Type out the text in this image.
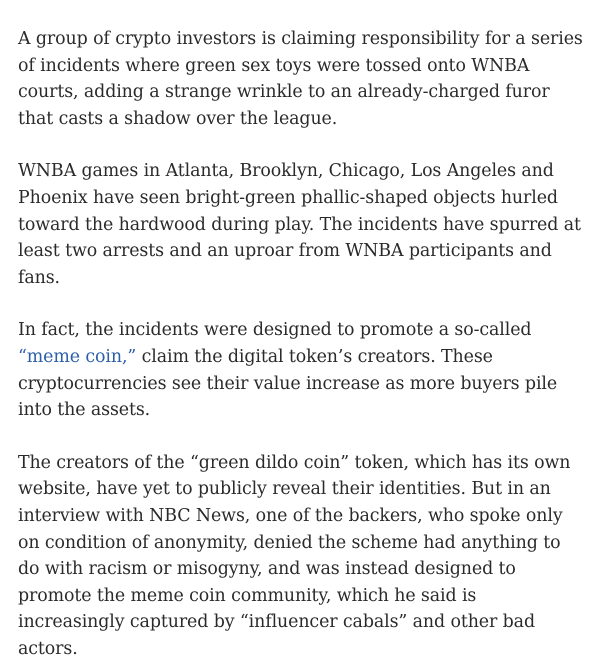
A group of crypto investors is claiming responsibility for a series of incidents where green sex toys were tossed onto WNBA courts, adding a strange wrinkle to an already-charged furor that casts a shadow over the league.

WNBA games in Atlanta, Brooklyn, Chicago, Los Angeles and Phoenix have seen bright-green phallic-shaped objects hurled toward the hardwood during play. The incidents have spurred at least two arrests and an uproar from WNBA participants and fans.

In fact, the incidents were designed to promote a so-called “meme coin,” claim the digital token’s creators. These cryptocurrencies see their value increase as more buyers pile into the assets.

The creators of the “green dildo coin” token, which has its own website, have yet to publicly reveal their identities. But in an interview with NBC News, one of the backers, who spoke only on condition of anonymity, denied the scheme had anything to do with racism or misogyny, and was instead designed to promote the meme coin community, which he said is increasingly captured by “influencer cabals” and other bad actors.
